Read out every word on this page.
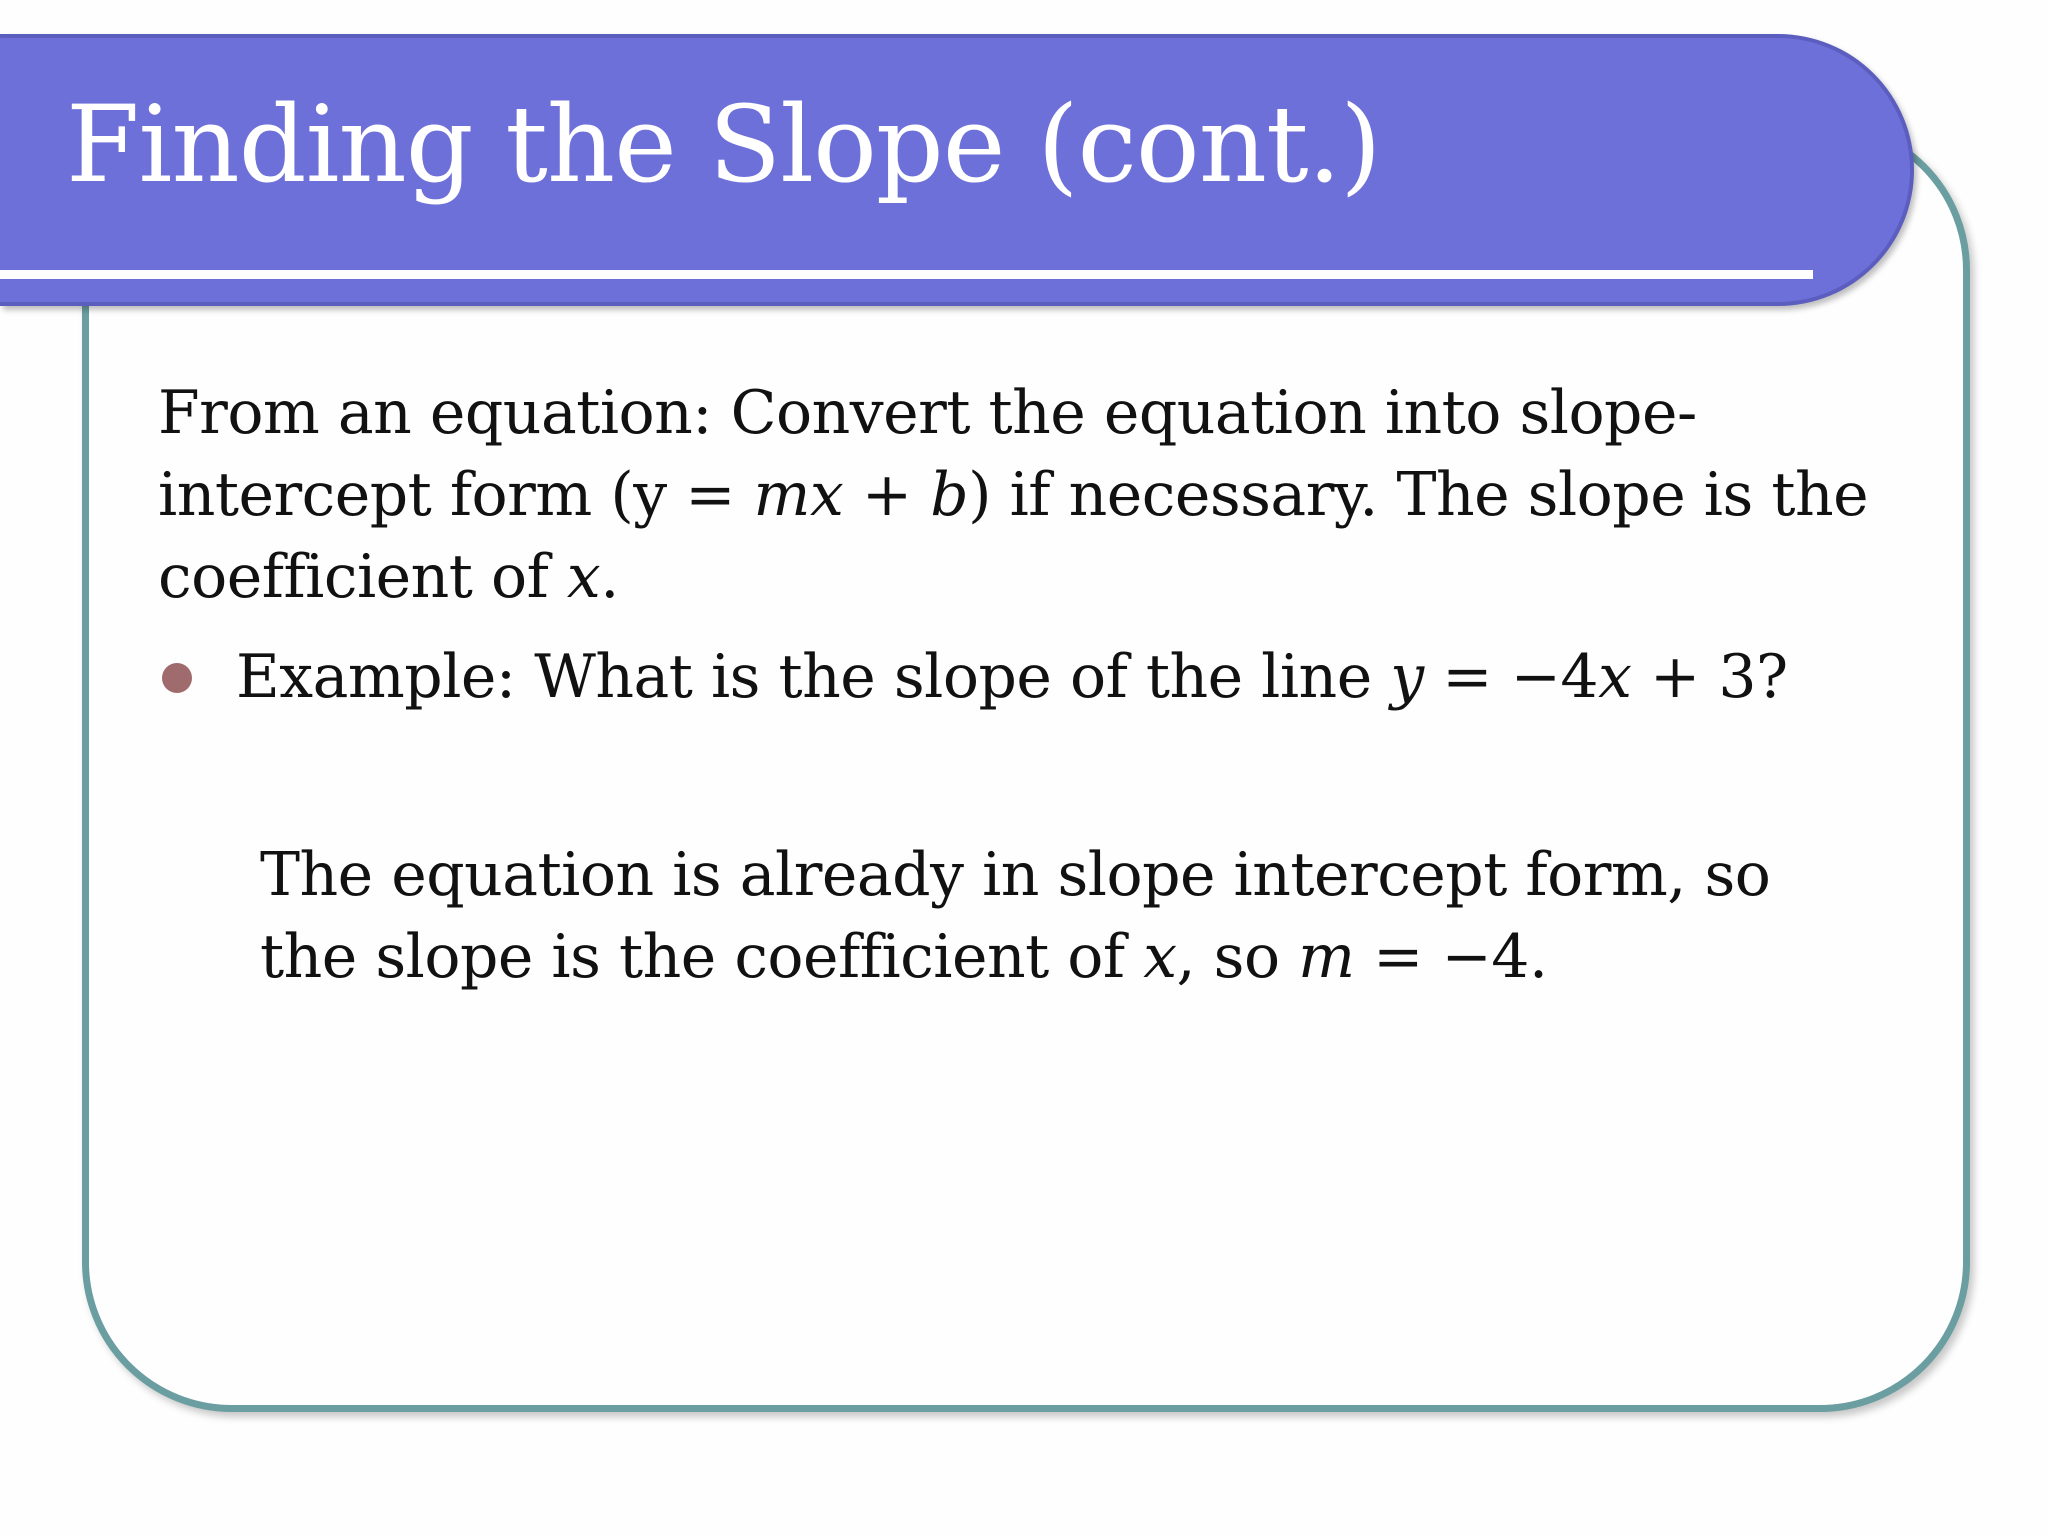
Finding the Slope (cont.)

From an equation: Convert the equation into slope-intercept form (y = mx + b) if necessary. The slope is the coefficient of x.

Example: What is the slope of the line y = −4x + 3?

The equation is already in slope intercept form, so the slope is the coefficient of x, so m = −4.
